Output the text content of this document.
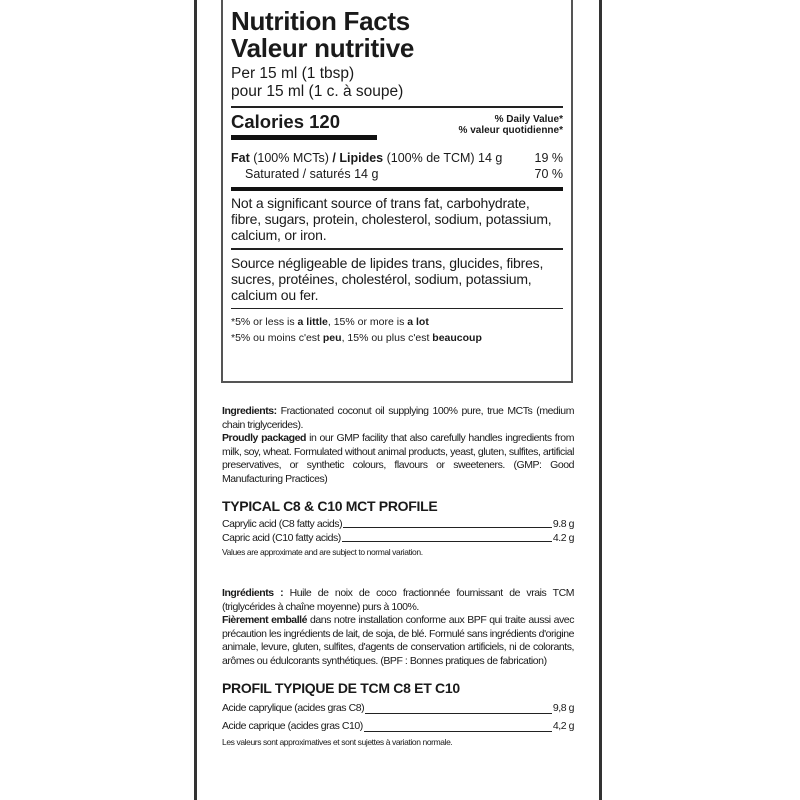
Nutrition Facts
Valeur nutritive
Per 15 ml (1 tbsp)
pour 15 ml (1 c. à soupe)
Calories 120	% Daily Value*
% valeur quotidienne*
Fat (100% MCTs) / Lipides (100% de TCM) 14 g	19 %
Saturated / saturés 14 g	70 %
Not a significant source of trans fat, carbohydrate, fibre, sugars, protein, cholesterol, sodium, potassium, calcium, or iron.
Source négligeable de lipides trans, glucides, fibres, sucres, protéines, cholestérol, sodium, potassium, calcium ou fer.
*5% or less is a little, 15% or more is a lot
*5% ou moins c'est peu, 15% ou plus c'est beaucoup
Ingredients: Fractionated coconut oil supplying 100% pure, true MCTs (medium chain triglycerides).
Proudly packaged in our GMP facility that also carefully handles ingredients from milk, soy, wheat. Formulated without animal products, yeast, gluten, sulfites, artificial preservatives, or synthetic colours, flavours or sweeteners. (GMP: Good Manufacturing Practices)
TYPICAL C8 & C10 MCT PROFILE
Caprylic acid (C8 fatty acids)	9.8 g
Capric acid (C10 fatty acids)	4.2 g
Values are approximate and are subject to normal variation.
Ingrédients : Huile de noix de coco fractionnée fournissant de vrais TCM (triglycérides à chaîne moyenne) purs à 100%.
Fièrement emballé dans notre installation conforme aux BPF qui traite aussi avec précaution les ingrédients de lait, de soja, de blé. Formulé sans ingrédients d'origine animale, levure, gluten, sulfites, d'agents de conservation artificiels, ni de colorants, arômes ou édulcorants synthétiques. (BPF : Bonnes pratiques de fabrication)
PROFIL TYPIQUE DE TCM C8 ET C10
Acide caprylique (acides gras C8)	9,8 g
Acide caprique (acides gras C10)	4,2 g
Les valeurs sont approximatives et sont sujettes à variation normale.
